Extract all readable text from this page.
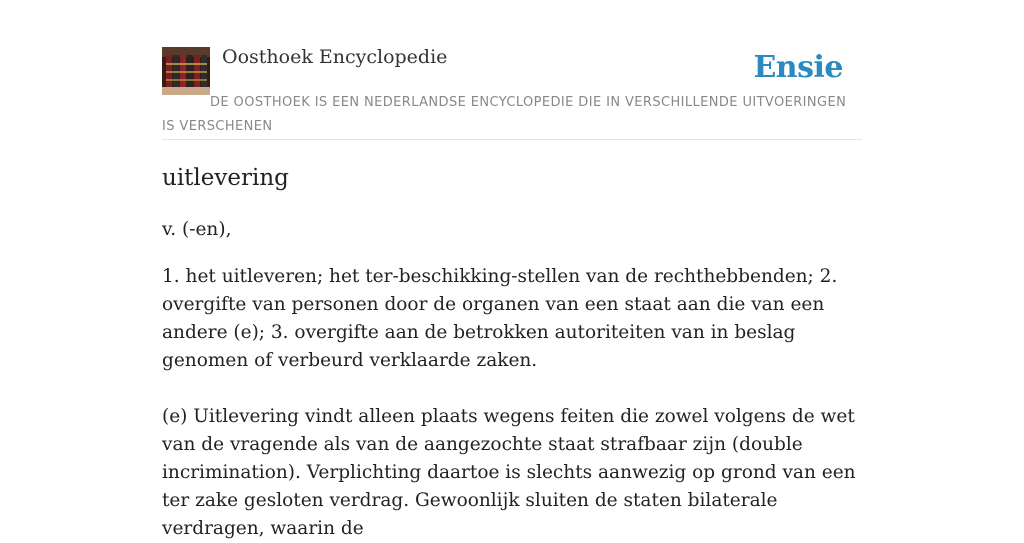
Oosthoek Encyclopedie	Ensie
DE OOSTHOEK IS EEN NEDERLANDSE ENCYCLOPEDIE DIE IN VERSCHILLENDE UITVOERINGEN IS VERSCHENEN
uitlevering

v. (-en),

1. het uitleveren; het ter-beschikking-stellen van de rechthebbenden; 2. overgifte van personen door de organen van een staat aan die van een andere (e); 3. overgifte aan de betrokken autoriteiten van in beslag genomen of verbeurd verklaarde zaken.

(e) Uitlevering vindt alleen plaats wegens feiten die zowel volgens de wet van de vragende als van de aangezochte staat strafbaar zijn (double incrimination). Verplichting daartoe is slechts aanwezig op grond van een ter zake gesloten verdrag. Gewoonlijk sluiten de staten bilaterale verdragen, waarin de
